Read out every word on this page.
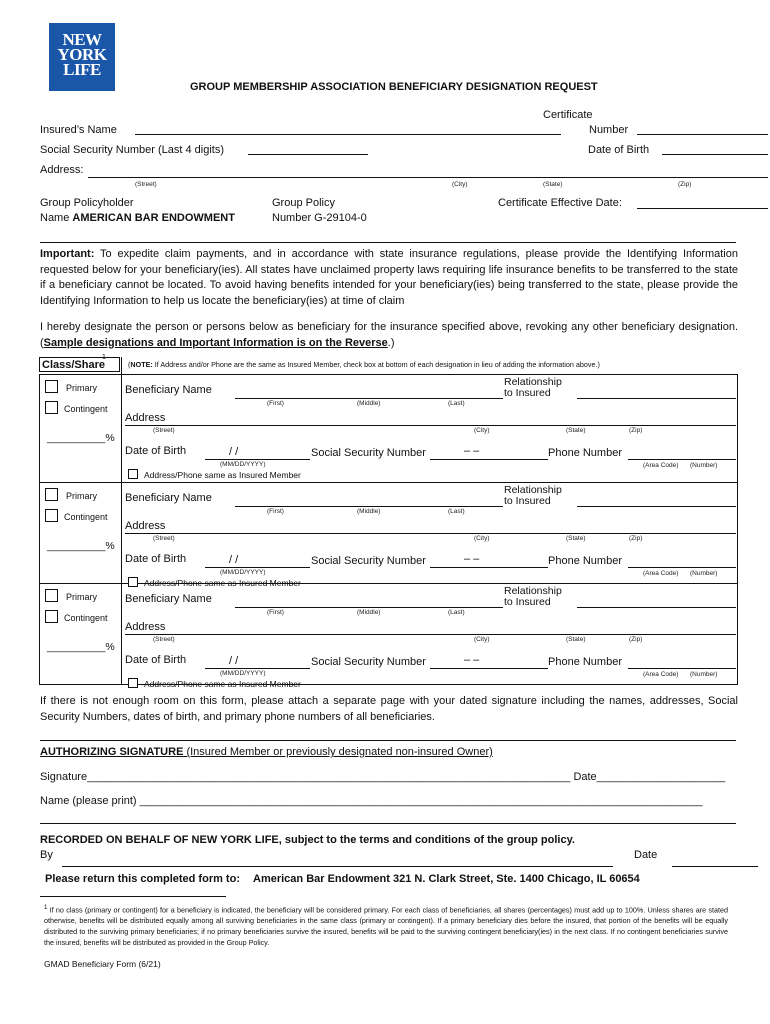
NEW
YORK
LIFE
GROUP MEMBERSHIP ASSOCIATION BENEFICIARY DESIGNATION REQUEST
Certificate
Insured’s Name	Number
Social Security Number (Last 4 digits)	Date of Birth
Address:
(Street)	(City)	(State)	(Zip)
Group Policyholder
Name AMERICAN BAR ENDOWMENT
Group Policy
Number G-29104-0
Certificate Effective Date:
Important: To expedite claim payments, and in accordance with state insurance regulations, please provide the Identifying Information requested below for your beneficiary(ies). All states have unclaimed property laws requiring life insurance benefits to be transferred to the state if a beneficiary cannot be located. To avoid having benefits intended for your beneficiary(ies) being transferred to the state, please provide the Identifying Information to help us locate the beneficiary(ies) at time of claim
I hereby designate the person or persons below as beneficiary for the insurance specified above, revoking any other beneficiary designation. (Sample designations and Important Information is on the Reverse.)
Class/Share
1
(NOTE: If Address and/or Phone are the same as Insured Member, check box at bottom of each designation in lieu of adding the information above.)
Primary
Contingent
__________%
Beneficiary Name
(First)	(Middle)	(Last)
Relationship
to Insured
Address
(Street)	(City)	(State)	(Zip)
Date of Birth	/ /
(MM/DD/YYYY)
Social Security Number	– –	Phone Number
(Area Code) (Number)
Address/Phone same as Insured Member
Primary
Contingent
__________%
Beneficiary Name
(First)	(Middle)	(Last)
Relationship
to Insured
Address
(Street)	(City)	(State)	(Zip)
Date of Birth	/ /
(MM/DD/YYYY)
Social Security Number	– –	Phone Number
(Area Code) (Number)
Address/Phone same as Insured Member
Primary
Contingent
__________%
Beneficiary Name
(First)	(Middle)	(Last)
Relationship
to Insured
Address
(Street)	(City)	(State)	(Zip)
Date of Birth	/ /
(MM/DD/YYYY)
Social Security Number	– –	Phone Number
(Area Code) (Number)
Address/Phone same as Insured Member
If there is not enough room on this form, please attach a separate page with your dated signature including the names, addresses, Social Security Numbers, dates of birth, and primary phone numbers of all beneficiaries.
AUTHORIZING SIGNATURE (Insured Member or previously designated non-insured Owner)
Signature_______________________________________________________________________________ Date_____________________
Name (please print) ____________________________________________________________________________________________
RECORDED ON BEHALF OF NEW YORK LIFE, subject to the terms and conditions of the group policy.
By	Date
Please return this completed form to: American Bar Endowment 321 N. Clark Street, Ste. 1400 Chicago, IL 60654
$^1$ If no class (primary or contingent) for a beneficiary is indicated, the beneficiary will be considered primary. For each class of beneficiaries, all shares (percentages) must add up to 100%. Unless shares are stated otherwise, benefits will be distributed equally among all surviving beneficiaries in the same class (primary or contingent). If a primary beneficiary dies before the insured, that portion of the benefits will be equally distributed to the surviving primary beneficiaries; if no primary beneficiaries survive the insured, benefits will be paid to the surviving contingent beneficiary(ies) in the next class. If no contingent beneficiaries survive the insured, benefits will be distributed as provided in the Group Policy.
GMAD Beneficiary Form (6/21)
